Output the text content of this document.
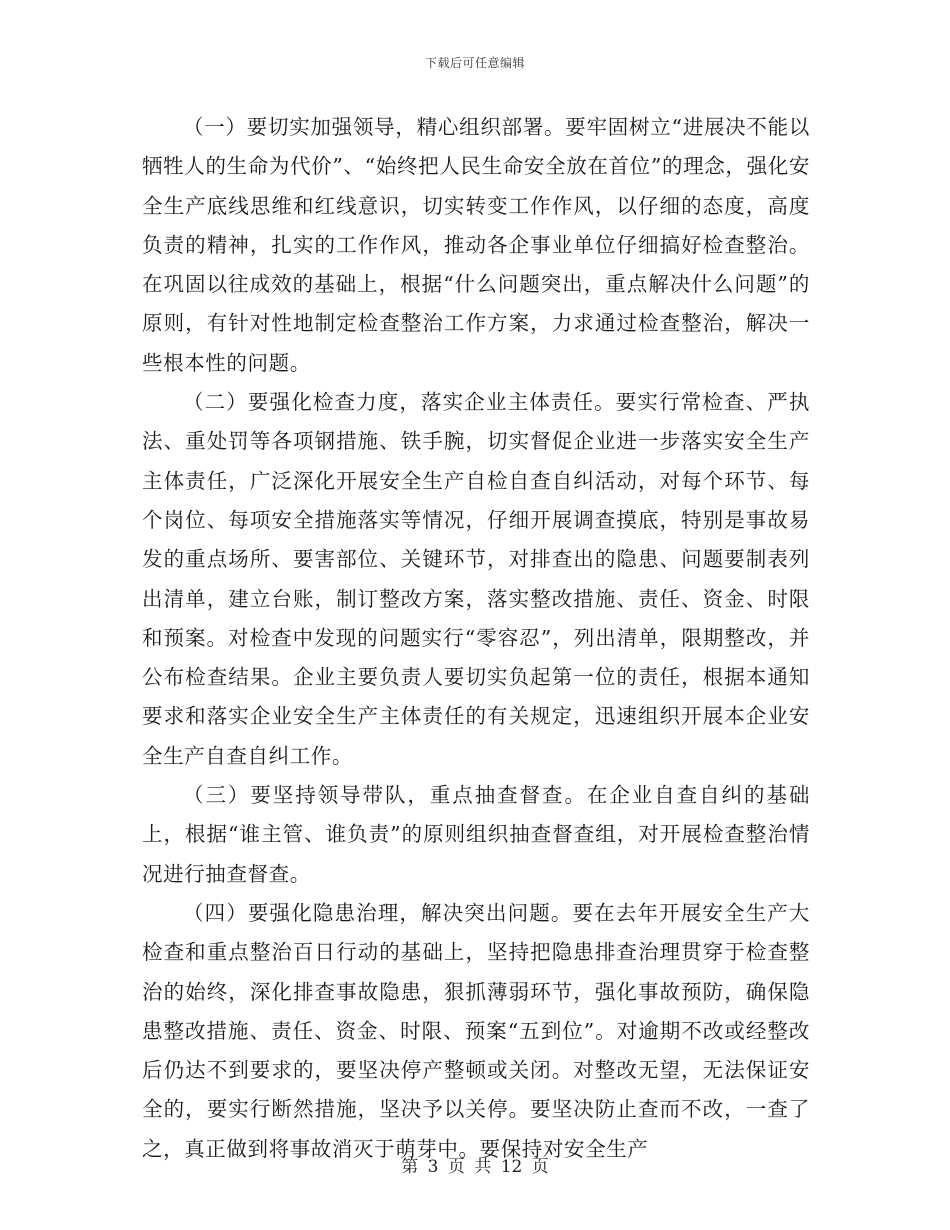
下载后可任意编辑

（一）要切实加强领导，精心组织部署。要牢固树立“进展决不能以牺牲人的生命为代价”、“始终把人民生命安全放在首位”的理念，强化安全生产底线思维和红线意识，切实转变工作作风，以仔细的态度，高度负责的精神，扎实的工作作风，推动各企事业单位仔细搞好检查整治。在巩固以往成效的基础上，根据“什么问题突出，重点解决什么问题”的原则，有针对性地制定检查整治工作方案，力求通过检查整治，解决一些根本性的问题。

（二）要强化检查力度，落实企业主体责任。要实行常检查、严执法、重处罚等各项钢措施、铁手腕，切实督促企业进一步落实安全生产主体责任，广泛深化开展安全生产自检自查自纠活动，对每个环节、每个岗位、每项安全措施落实等情况，仔细开展调查摸底，特别是事故易发的重点场所、要害部位、关键环节，对排查出的隐患、问题要制表列出清单，建立台账，制订整改方案，落实整改措施、责任、资金、时限和预案。对检查中发现的问题实行“零容忍”，列出清单，限期整改，并公布检查结果。企业主要负责人要切实负起第一位的责任，根据本通知要求和落实企业安全生产主体责任的有关规定，迅速组织开展本企业安全生产自查自纠工作。

（三）要坚持领导带队，重点抽查督查。在企业自查自纠的基础上，根据“谁主管、谁负责”的原则组织抽查督查组，对开展检查整治情况进行抽查督查。

（四）要强化隐患治理，解决突出问题。要在去年开展安全生产大检查和重点整治百日行动的基础上，坚持把隐患排查治理贯穿于检查整治的始终，深化排查事故隐患，狠抓薄弱环节，强化事故预防，确保隐患整改措施、责任、资金、时限、预案“五到位”。对逾期不改或经整改后仍达不到要求的，要坚决停产整顿或关闭。对整改无望，无法保证安全的，要实行断然措施，坚决予以关停。要坚决防止查而不改，一查了之，真正做到将事故消灭于萌芽中。要保持对安全生产

第 3 页 共 12 页
